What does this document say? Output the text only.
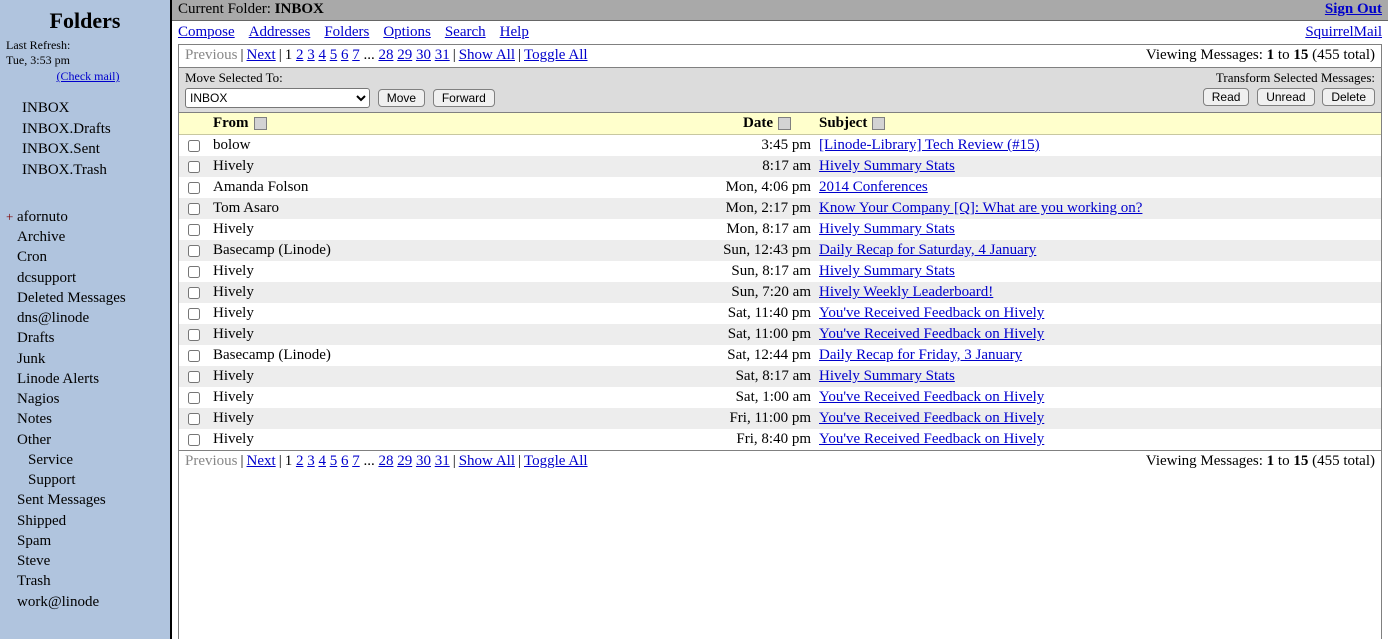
Folders
Last Refresh:
Tue, 3:53 pm
(Check mail)
INBOX
INBOX.Drafts
INBOX.Sent
INBOX.Trash
+ afornuto
Archive
Cron
dcsupport
Deleted Messages
dns@linode
Drafts
Junk
Linode Alerts
Nagios
Notes
Other
Service
Support
Sent Messages
Shipped
Spam
Steve
Trash
work@linode
Current Folder: INBOX	Sign Out
Compose Addresses Folders Options Search Help	SquirrelMail
Previous | Next | 1 2 3 4 5 6 7 ... 28 29 30 31 | Show All | Toggle All	Viewing Messages: 1 to 15 (455 total)
Move Selected To:
INBOX Move Forward
Transform Selected Messages:
Read Unread Delete
	From	Date	Subject
	bolow	3:45 pm	[Linode-Library] Tech Review (#15)
	Hively	8:17 am	Hively Summary Stats
	Amanda Folson	Mon, 4:06 pm	2014 Conferences
	Tom Asaro	Mon, 2:17 pm	Know Your Company [Q]: What are you working on?
	Hively	Mon, 8:17 am	Hively Summary Stats
	Basecamp (Linode)	Sun, 12:43 pm	Daily Recap for Saturday, 4 January
	Hively	Sun, 8:17 am	Hively Summary Stats
	Hively	Sun, 7:20 am	Hively Weekly Leaderboard!
	Hively	Sat, 11:40 pm	You've Received Feedback on Hively
	Hively	Sat, 11:00 pm	You've Received Feedback on Hively
	Basecamp (Linode)	Sat, 12:44 pm	Daily Recap for Friday, 3 January
	Hively	Sat, 8:17 am	Hively Summary Stats
	Hively	Sat, 1:00 am	You've Received Feedback on Hively
	Hively	Fri, 11:00 pm	You've Received Feedback on Hively
	Hively	Fri, 8:40 pm	You've Received Feedback on Hively
Previous | Next | 1 2 3 4 5 6 7 ... 28 29 30 31 | Show All | Toggle All	Viewing Messages: 1 to 15 (455 total)
